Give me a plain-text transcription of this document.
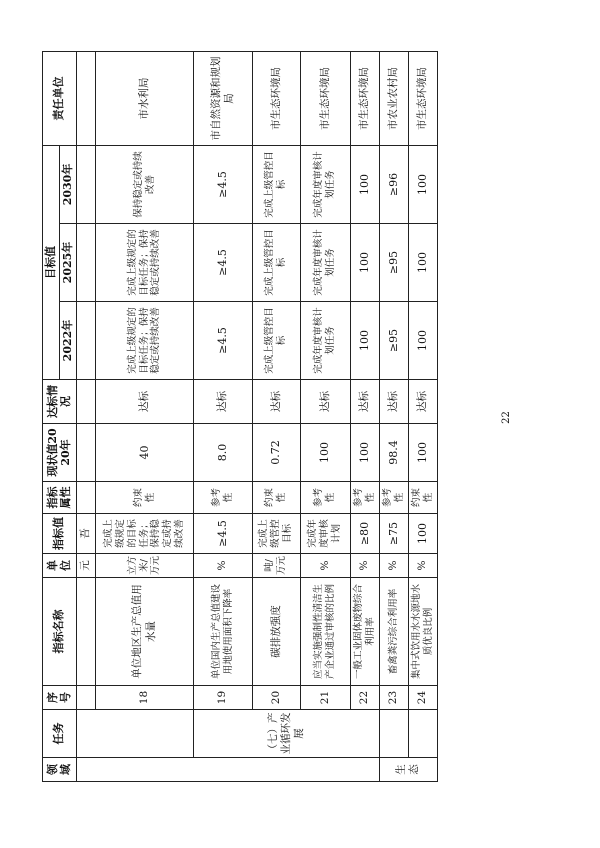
领域	任务	序号	指标名称	单位	指标值	指标属性	现状值2020年	达标情况	目标值			责任单位
									2022年	2025年	2030年	
				元	吾							
		18	单位地区生产总值用水量	立方米/万元	完成上级规定的目标任务；保持稳定或持续改善	约束性	40	达标	完成上级规定的目标任务；保持稳定或持续改善	完成上级规定的目标任务；保持稳定或持续改善	保持稳定或持续改善	市水利局
	（七）产业循环发展	19	单位国内生产总值建设用地使用面积下降率	%	≥4.5	参考性	8.0	达标	≥4.5	≥4.5	≥4.5	市自然资源和规划局
		20	碳排放强度	吨/万元	完成上级管控目标	约束性	0.72	达标	完成上级管控目标	完成上级管控目标	完成上级管控目标	市生态环境局
		21	应当实施强制性清洁生产企业通过审核的比例	%	完成年度审核计划	参考性	100	达标	完成年度审核计划任务	完成年度审核计划任务	完成年度审核计划任务	市生态环境局
		22	一般工业固体废物综合利用率	%	≥80	参考性	100	达标	100	100	100	市生态环境局
生态		23	畜禽粪污综合利用率	%	≥75	参考性	98.4	达标	≥95	≥95	≥96	市农业农村局
		24	集中式饮用水水源地水质优良比例	%	100	约束性	100	达标	100	100	100	市生态环境局
22
